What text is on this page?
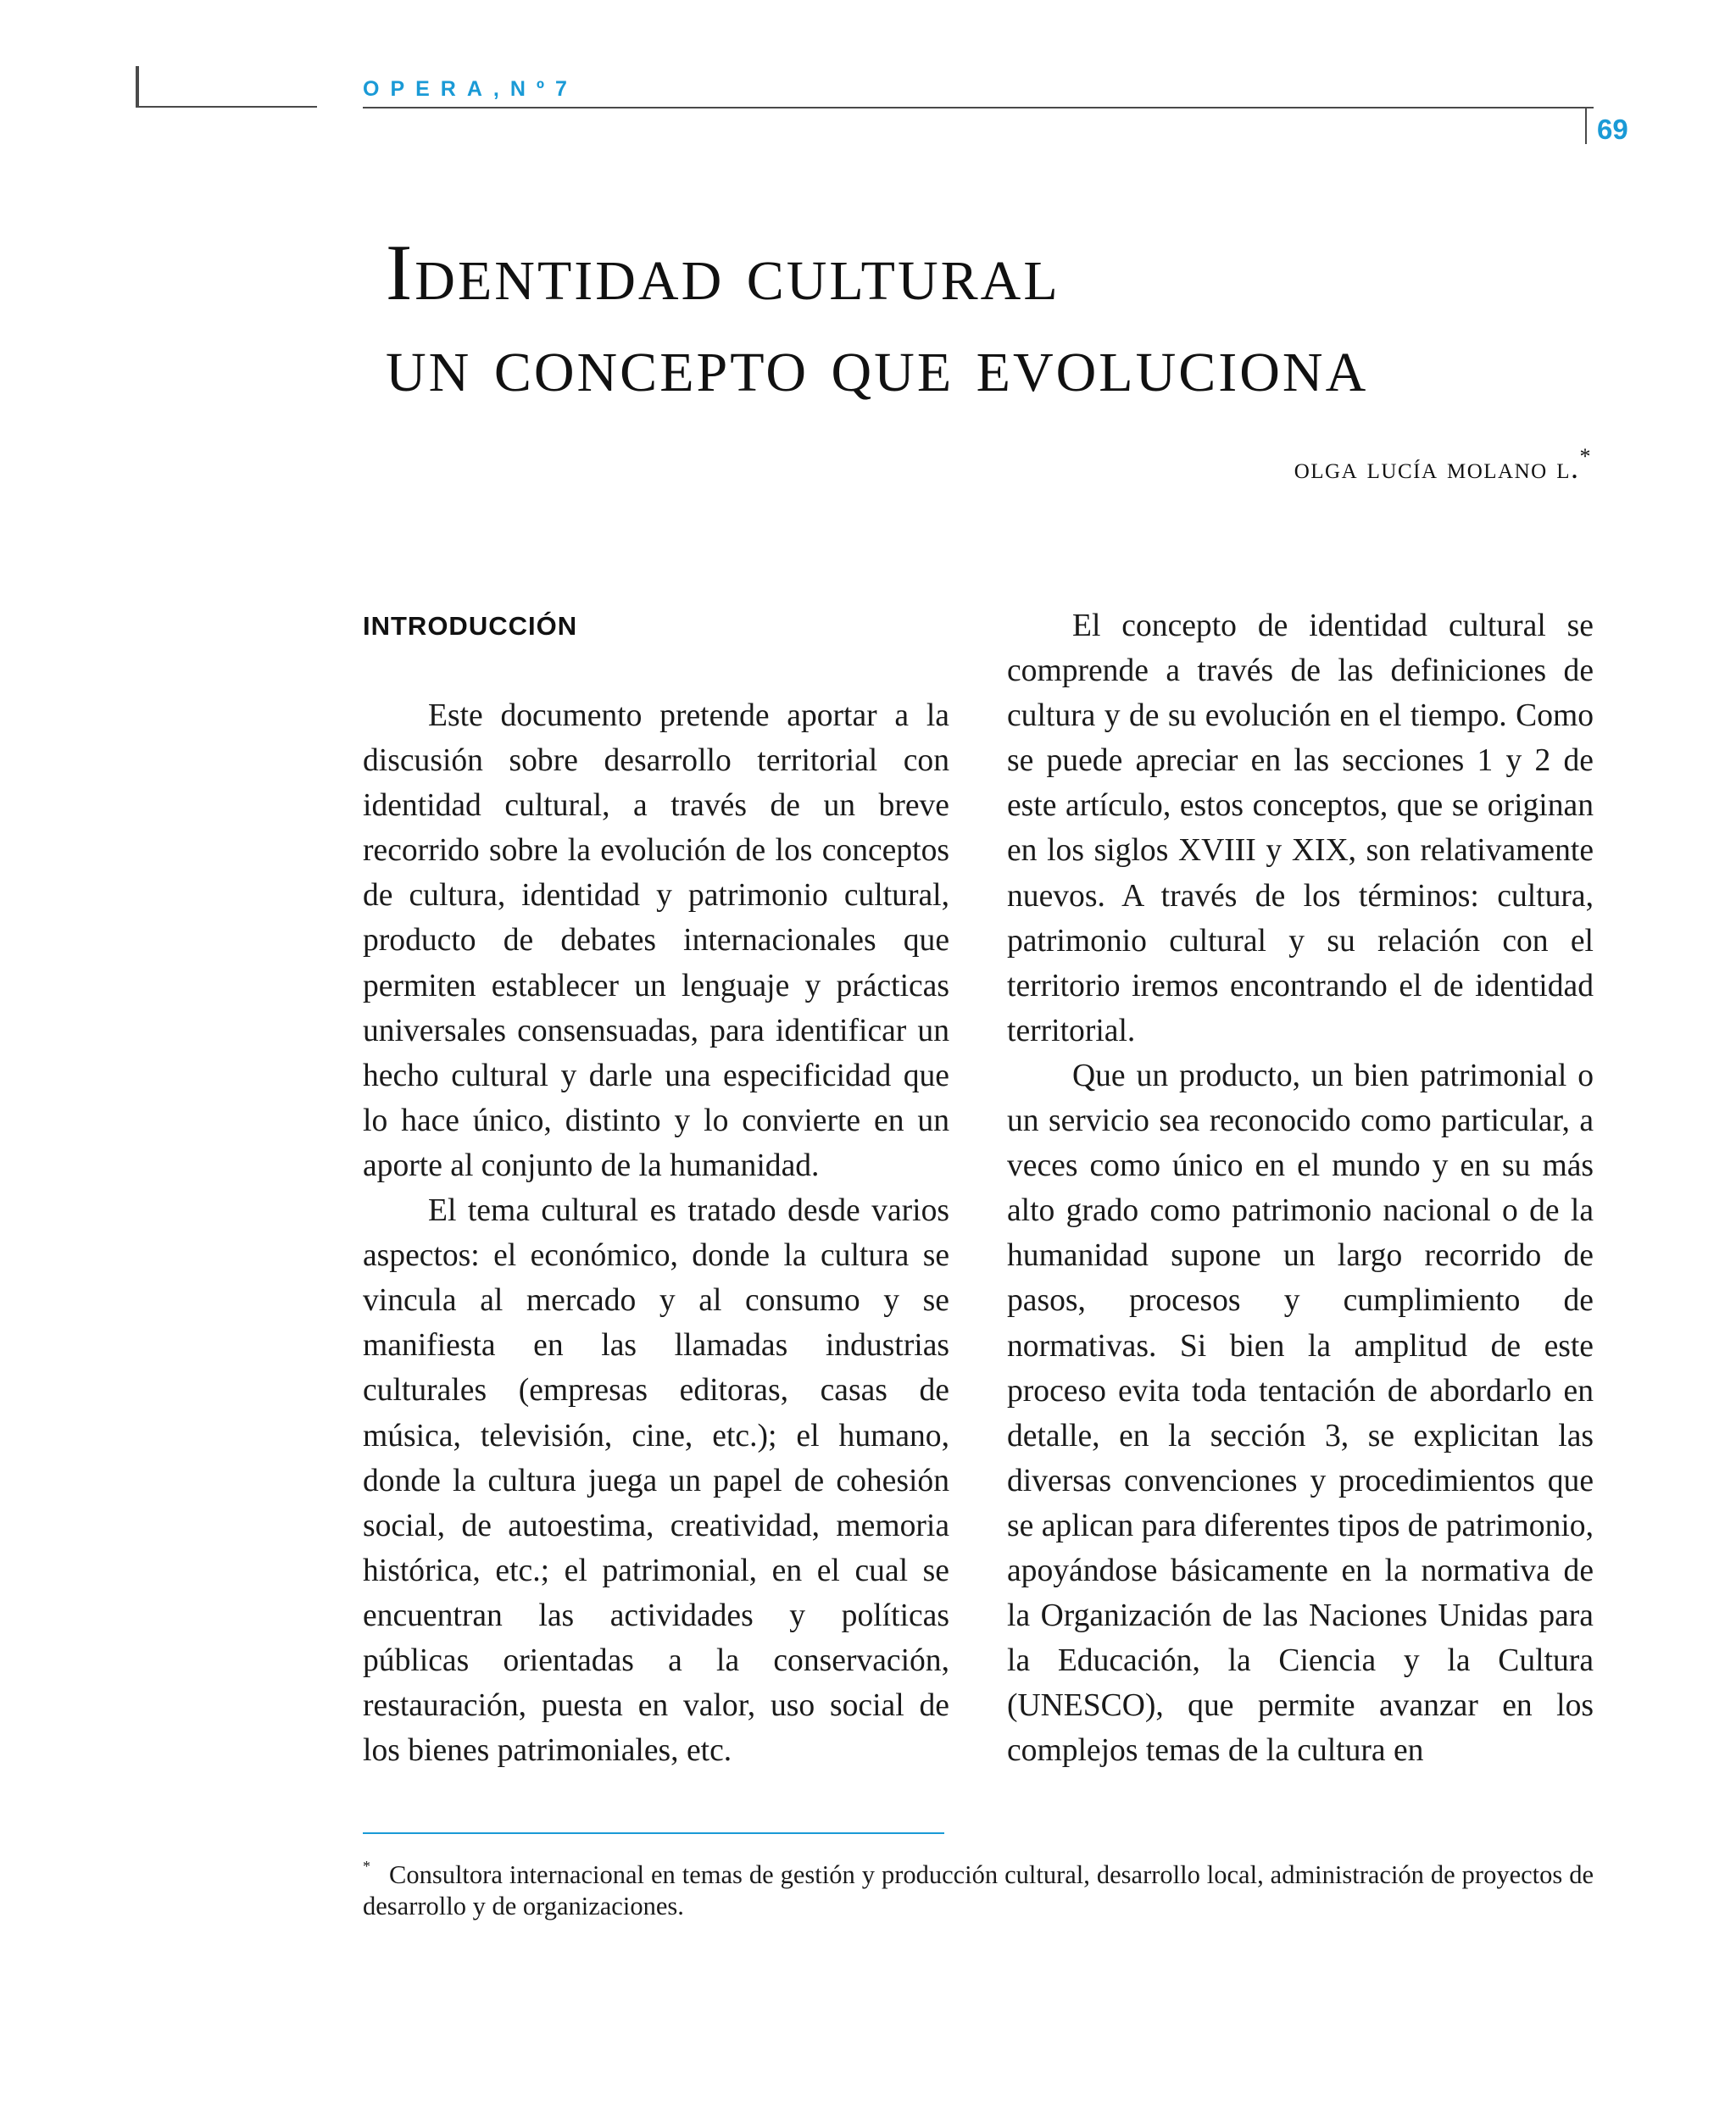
OPERA,Nº7
69
Identidad cultural
un concepto que evoluciona
olga lucía molano l.*
INTRODUCCIÓN

Este documento pretende aportar a la discusión sobre desarrollo territorial con identidad cultural, a través de un breve recorrido sobre la evolución de los conceptos de cultura, identidad y patrimonio cultural, producto de debates internacionales que permiten establecer un lenguaje y prácticas universales consensuadas, para identificar un hecho cultural y darle una especificidad que lo hace único, distinto y lo convierte en un aporte al conjunto de la humanidad.

El tema cultural es tratado desde varios aspectos: el económico, donde la cultura se vincula al mercado y al consumo y se manifiesta en las llamadas industrias culturales (empresas editoras, casas de música, televisión, cine, etc.); el humano, donde la cultura juega un papel de cohesión social, de autoestima, creatividad, memoria histórica, etc.; el patrimonial, en el cual se encuentran las actividades y políticas públicas orientadas a la conservación, restauración, puesta en valor, uso social de los bienes patrimoniales, etc.

El concepto de identidad cultural se comprende a través de las definiciones de cultura y de su evolución en el tiempo. Como se puede apreciar en las secciones 1 y 2 de este artículo, estos conceptos, que se originan en los siglos XVIII y XIX, son relativamente nuevos. A través de los términos: cultura, patrimonio cultural y su relación con el territorio iremos encontrando el de identidad territorial.

Que un producto, un bien patrimonial o un servicio sea reconocido como particular, a veces como único en el mundo y en su más alto grado como patrimonio nacional o de la humanidad supone un largo recorrido de pasos, procesos y cumplimiento de normativas. Si bien la amplitud de este proceso evita toda tentación de abordarlo en detalle, en la sección 3, se explicitan las diversas convenciones y procedimientos que se aplican para diferentes tipos de patrimonio, apoyándose básicamente en la normativa de la Organización de las Naciones Unidas para la Educación, la Ciencia y la Cultura (UNESCO), que permite avanzar en los complejos temas de la cultura en

* Consultora internacional en temas de gestión y producción cultural, desarrollo local, administración de proyectos de desarrollo y de organizaciones.
